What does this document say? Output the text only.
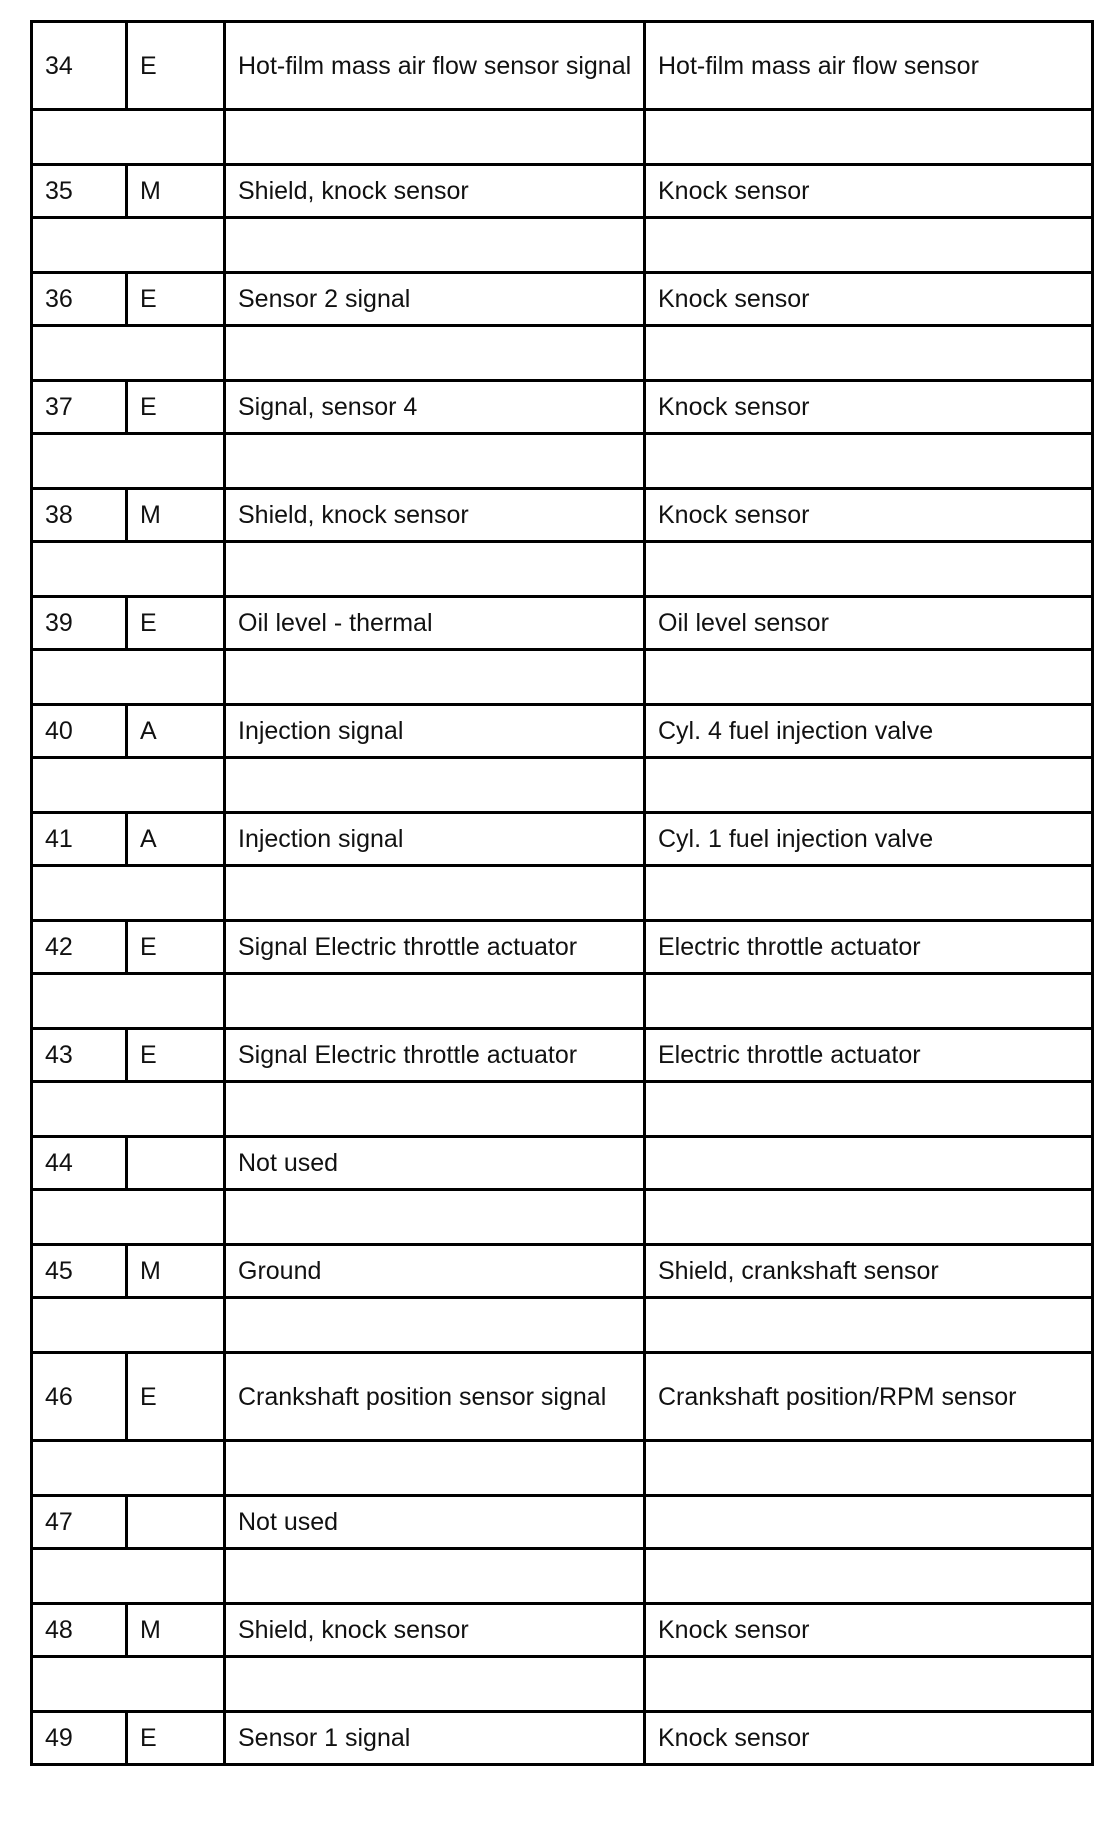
34	E	Hot-film mass air flow sensor signal	Hot-film mass air flow sensor

35	M	Shield, knock sensor	Knock sensor

36	E	Sensor 2 signal	Knock sensor

37	E	Signal, sensor 4	Knock sensor

38	M	Shield, knock sensor	Knock sensor

39	E	Oil level - thermal	Oil level sensor

40	A	Injection signal	Cyl. 4 fuel injection valve

41	A	Injection signal	Cyl. 1 fuel injection valve

42	E	Signal Electric throttle actuator	Electric throttle actuator

43	E	Signal Electric throttle actuator	Electric throttle actuator

44		Not used	

45	M	Ground	Shield, crankshaft sensor

46	E	Crankshaft position sensor signal	Crankshaft position/RPM sensor

47		Not used	

48	M	Shield, knock sensor	Knock sensor

49	E	Sensor 1 signal	Knock sensor
